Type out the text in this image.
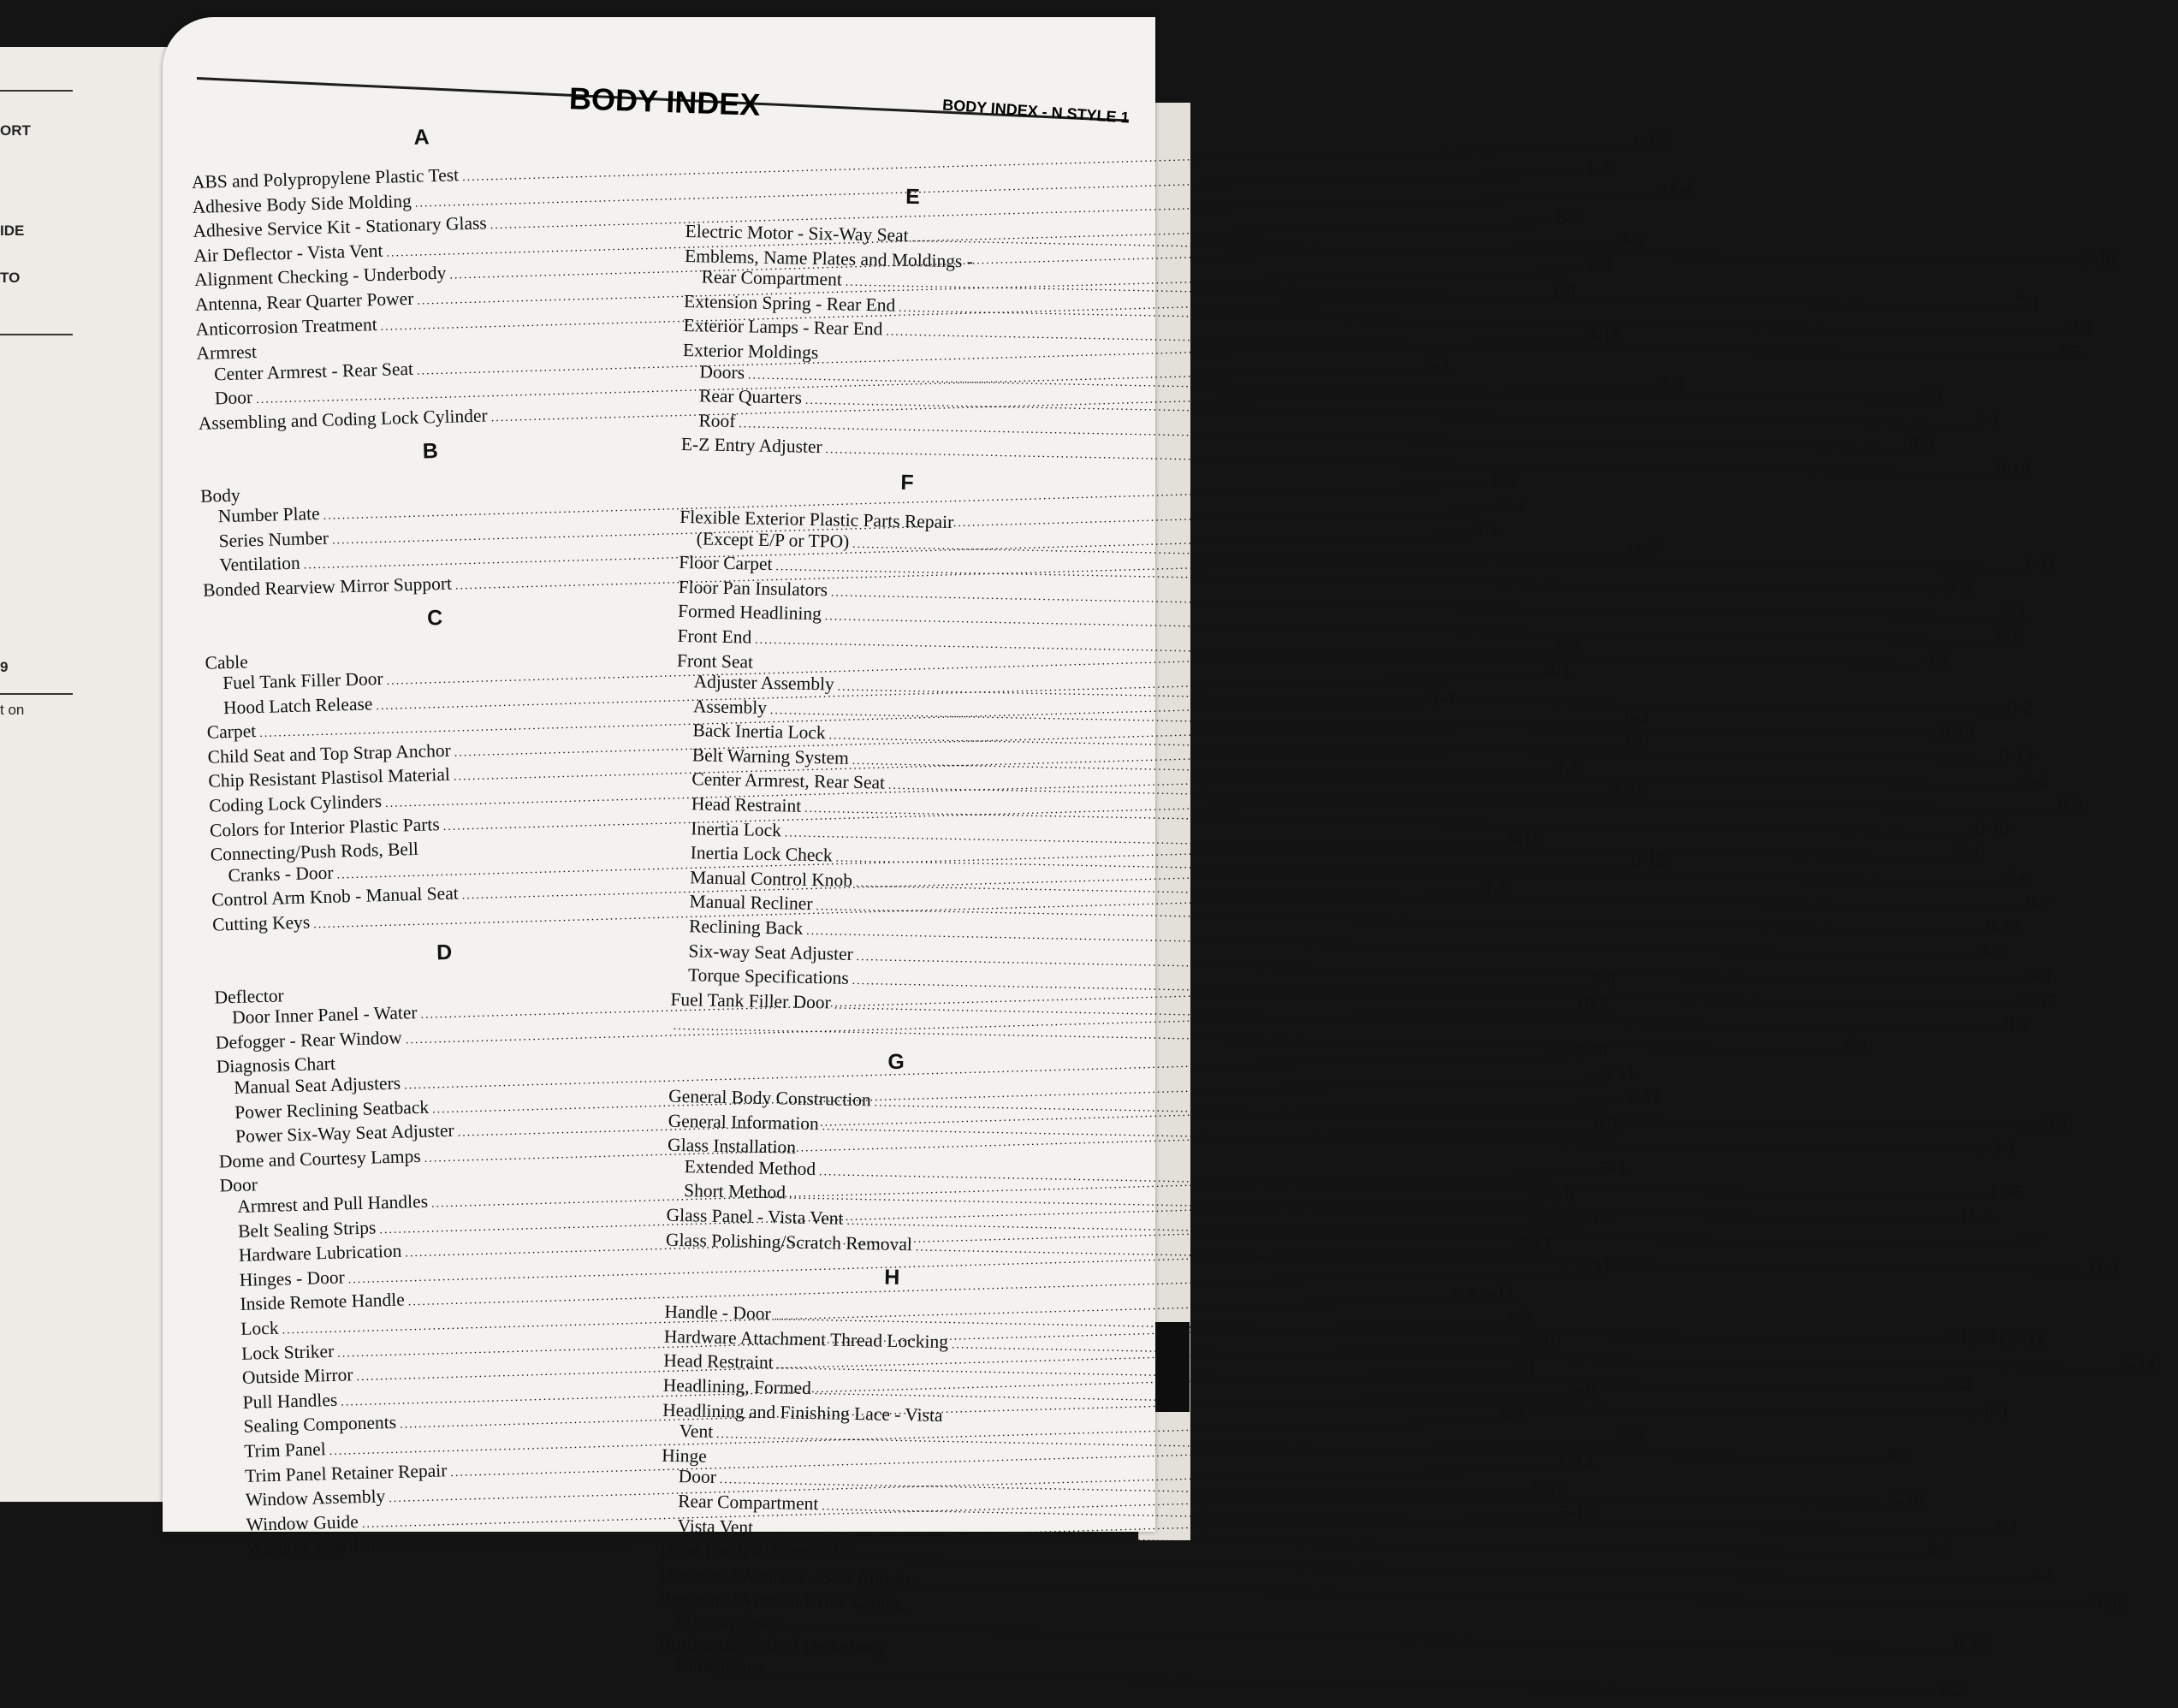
ORT
IDE
TO
9
t on
BODY INDEX - N STYLE 1
BODY INDEX
A
ABS and Polypropylene Plastic Test
.....
1-15
Adhesive Body Side Molding
.....
1-3
Adhesive Service Kit - Stationary Glass
.....
11-4
Air Deflector - Vista Vent
.....
8-7
Alignment Checking - Underbody
.....
3-1
Antenna, Rear Quarter Power
.....
6-3
Anticorrosion Treatment
.....
1-8
Armrest
Center Armrest - Rear Seat
.....
9-19
Door
.....
5-1
Assembling and Coding Lock Cylinder
.....
1-1
B
Body
Number Plate
.....
0-2
Series Number
.....
0-1
Ventilation
.....
4-1
Bonded Rearview Mirror Support
.....
11-7
C
Cable
Fuel Tank Filler Door
.....
6-2
Hood Latch Release
.....
4-1
Carpet
.....
3-4
Child Seat and Top Strap Anchor
.....
9-2
Chip Resistant Plastisol Material
.....
1-9
Coding Lock Cylinders
.....
1-1
Colors for Interior Plastic Parts
.....
1-16
Connecting/Push Rods, Bell
Cranks - Door
.....
5-11
Control Arm Knob - Manual Seat
.....
9-12
Cutting Keys
.....
1-1
D
Deflector
Door Inner Panel - Water
.....
5-8
Defogger - Rear Window
.....
10-1
Diagnosis Chart
Manual Seat Adjusters
.....
9-10
Power Reclining Seatback
.....
9-11
Power Six-Way Seat Adjuster
.....
9-11
Dome and Courtesy Lamps
.....
8-1
Door
Armrest and Pull Handles
.....
5-1
Belt Sealing Strips
.....
5-8
Hardware Lubrication
.....
5-13
Hinges - Door
.....
5-17
Inside Remote Handle
.....
5-11
Lock
.....
5-9,5-11
Lock Striker
.....
5-9
Outside Mirror
.....
5-19
Pull Handles
.....
5-1
Sealing Components
.....
5-8
Trim Panel
.....
5-2
Trim Panel Retainer Repair
.....
5-3
Window Assembly
.....
5-14
Window Guide
.....
5-17
Window Regulator
.....
5-15
E
Electric Motor - Six-Way Seat
.....
9-16
Emblems, Name Plates and Moldings -
Rear Compartment
.....
7-1
Extension Spring - Rear End
.....
7-1
Exterior Lamps - Rear End
.....
7-5
Exterior Moldings
Doors
.....
5-3
Rear Quarters
.....
6-1
Roof
.....
8-3
E-Z Entry Adjuster
.....
9-18
F
Flexible Exterior Plastic Parts Repair
(Except E/P or TPO)
.....
1-11
Floor Carpet
.....
3-4
Floor Pan Insulators
.....
3-1
Formed Headlining
.....
8-1
Front End
.....
4-1
Front Seat
Adjuster Assembly
.....
9-2
Assembly
.....
9-13
Back Inertia Lock
.....
9-13
Belt Warning System
.....
9-6
Center Armrest, Rear Seat
.....
9-2
Head Restraint
.....
9-19
Inertia Lock
.....
9-4
Inertia Lock Check
.....
9-6
Manual Control Knob
.....
9-7
Manual Recliner
.....
9-12
Reclining Back
.....
9-9
Six-way Seat Adjuster
.....
9-4
Torque Specifications
.....
9-15
Fuel Tank Filler Door
.....
9-9
.....
6-1
G
General Body Construction
.....
3-1
General Information
.....
1-1
Glass Installation
Extended Method
.....
11-6
Short Method
.....
11-5
Glass Panel - Vista Vent
.....
8-7
Glass Polishing/Scratch Removal
.....
11-1
H
Handle - Door
.....
5-1,5-11,5-12
Hardware Attachment Thread Locking
.....
5-14
Head Restraint
.....
9-4
Headlining, Formed
.....
8-1
Headlining and Finishing Lace - Vista
Vent
.....
8-7
Hinge
Door
.....
5-18
Rear Compartment
.....
7-2
Vista Vent
.....
8-7
Hood Latch Release Cable
.....
4-1
Horizontal Actuator - Seat Adjuster
.....
9-16
Horizontal/Vertical Drive Cables,
Six-way Seats
.....
9-15
Horizontal/Vertical Underbody
Dimensions
.....
3-2
